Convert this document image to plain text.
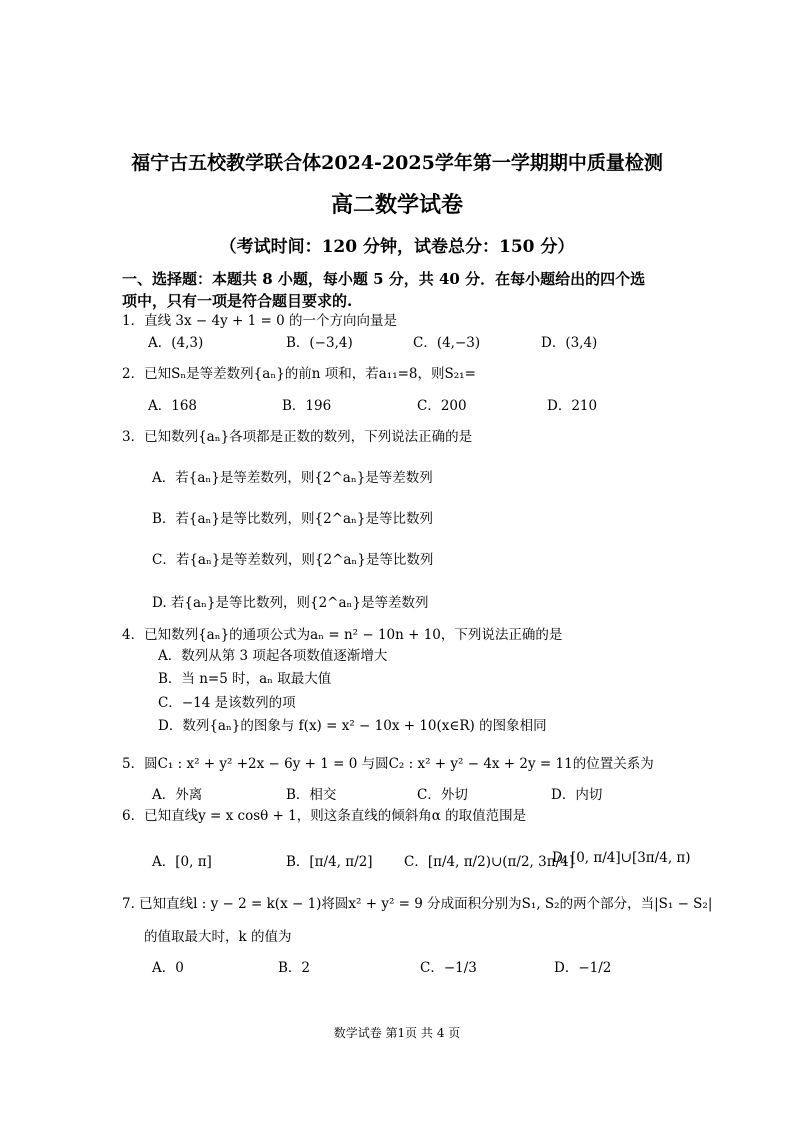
福宁古五校教学联合体2024-2025学年第一学期期中质量检测
高二数学试卷
（考试时间：120 分钟，试卷总分：150 分）
一、选择题：本题共 8 小题，每小题 5 分，共 40 分．在每小题给出的四个选
项中，只有一项是符合题目要求的.
1．直线 3x − 4y + 1 = 0 的一个方向向量是
A．(4,3)	B．(−3,4)	C．(4,−3)	D．(3,4)
2．已知Sₙ是等差数列{aₙ}的前n 项和，若a₁₁=8，则S₂₁=
A．168	B．196	C．200	D．210
3．已知数列{aₙ}各项都是正数的数列，下列说法正确的是
A．若{aₙ}是等差数列，则{2^aₙ}是等差数列
B．若{aₙ}是等比数列，则{2^aₙ}是等比数列
C．若{aₙ}是等差数列，则{2^aₙ}是等比数列
D. 若{aₙ}是等比数列，则{2^aₙ}是等差数列
4．已知数列{aₙ}的通项公式为aₙ = n² − 10n + 10，下列说法正确的是
A．数列从第 3 项起各项数值逐渐增大
B．当 n=5 时，aₙ 取最大值
C．−14 是该数列的项
D．数列{aₙ}的图象与 f(x) = x² − 10x + 10(x∈R) 的图象相同
5．圆C₁ : x² + y² +2x − 6y + 1 = 0 与圆C₂ : x² + y² − 4x + 2y = 11的位置关系为
A．外离	B．相交	C．外切	D．内切
6．已知直线y = x cosθ + 1，则这条直线的倾斜角α 的取值范围是
A．[0, π]	B．[π/4, π/2] C．[π/4, π/2)∪(π/2, 3π/4]
D. [0, π/4]∪[3π/4, π)
7. 已知直线l : y − 2 = k(x − 1)将圆x² + y² = 9 分成面积分别为S₁, S₂的两个部分，当|S₁ − S₂|
的值取最大时，k 的值为
A．0	B．2	C．−1/3	D．−1/2
数学试卷 第1页 共 4 页
